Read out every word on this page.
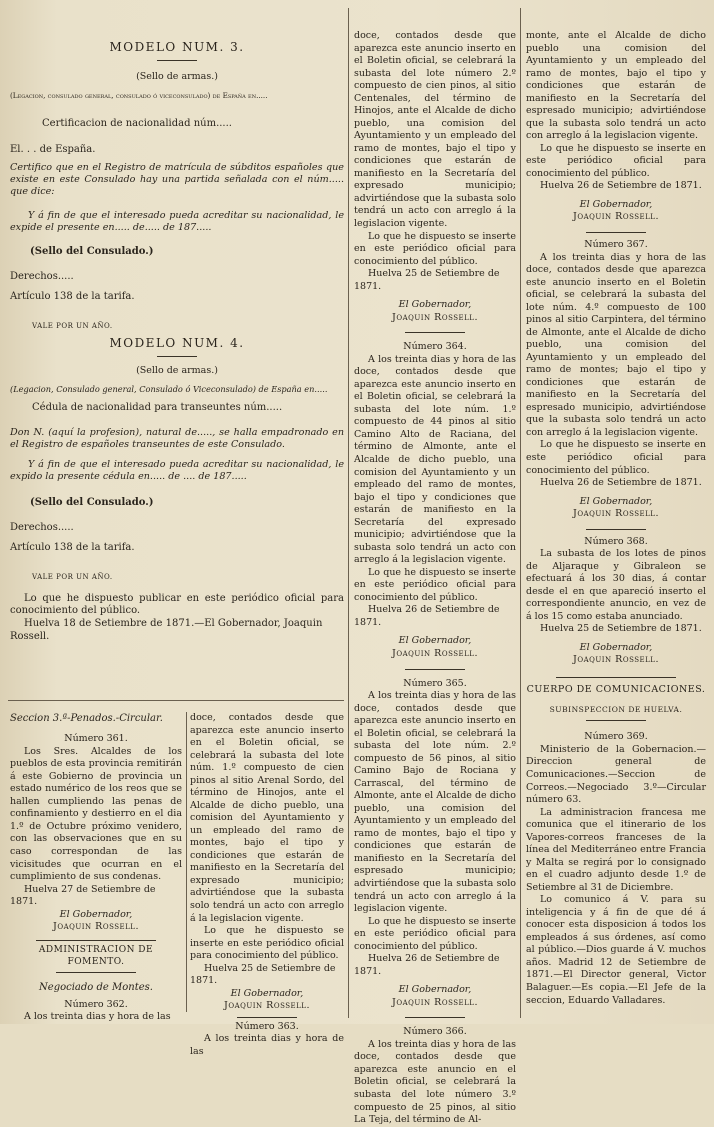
MODELO NUM. 3.

(Sello de armas.)

(Legacion, consulado general, consulado ó viceconsulado) de España en.....

Certificacion de nacionalidad núm.....

El. . . de España.

Certifico que en el Registro de matrícula de súbditos españoles que existe en este Consulado hay una partida señalada con el núm..... que dice:

Y á fin de que el interesado pueda acreditar su nacionalidad, le expide el presente en..... de..... de 187.....

(Sello del Consulado.)

Derechos.....

Artículo 138 de la tarifa.

VALE POR UN AÑO.

MODELO NUM. 4.

(Sello de armas.)

(Legacion, Consulado general, Consulado ó Viceconsulado) de España en.....

Cédula de nacionalidad para transeuntes núm.....

Don N. (aquí la profesion), natural de....., se halla empadronado en el Registro de españoles transeuntes de este Consulado.

Y á fin de que el interesado pueda acreditar su nacionalidad, le expido la presente cédula en..... de .... de 187.....

(Sello del Consulado.)

Derechos.....

Artículo 138 de la tarifa.

VALE POR UN AÑO.

Lo que he dispuesto publicar en este periódico oficial para conocimiento del público.

Huelva 18 de Setiembre de 1871.—El Gobernador, Joaquin Rossell.

Seccion 3.ª-Penados.-Circular.

Número 361.

Los Sres. Alcaldes de los pueblos de esta provincia remitirán á este Gobierno de provincia un estado numérico de los reos que se hallen cumpliendo las penas de confinamiento y destierro en el dia 1.º de Octubre próximo venidero, con las observaciones que en su caso correspondan de las vicisitudes que ocurran en el cumplimiento de sus condenas.

Huelva 27 de Setiembre de 1871.

El Gobernador,

Joaquin Rossell.

ADMINISTRACION DE FOMENTO.

Negociado de Montes.

Número 362.

A los treinta dias y hora de las

doce, contados desde que aparezca este anuncio inserto en el Boletin oficial, se celebrará la subasta del lote núm. 1.º compuesto de cien pinos al sitio Arenal Sordo, del término de Hinojos, ante el Alcalde de dicho pueblo, una comision del Ayuntamiento y un empleado del ramo de montes, bajo el tipo y condiciones que estarán de manifiesto en la Secretaría del expresado municipio; advirtiéndose que la subasta solo tendrá un acto con arreglo á la legislacion vigente.

Lo que he dispuesto se inserte en este periódico oficial para conocimiento del público.

Huelva 25 de Setiembre de 1871.

El Gobernador,

Joaquin Rossell.

Número 363.

A los treinta dias y hora de las

doce, contados desde que aparezca este anuncio inserto en el Boletin oficial, se celebrará la subasta del lote número 2.º compuesto de cien pinos, al sitio Centenales, del término de Hinojos, ante el Alcalde de dicho pueblo, una comision del Ayuntamiento y un empleado del ramo de montes, bajo el tipo y condiciones que estarán de manifiesto en la Secretaría del expresado municipio; advirtiéndose que la subasta solo tendrá un acto con arreglo á la legislacion vigente.

Lo que he dispuesto se inserte en este periódico oficial para conocimiento del público.

Huelva 25 de Setiembre de 1871.

El Gobernador,

Joaquin Rossell.

Número 364.

A los treinta dias y hora de las doce, contados desde que aparezca este anuncio inserto en el Boletin oficial, se celebrará la subasta del lote núm. 1.º compuesto de 44 pinos al sitio Camino Alto de Raciana, del término de Almonte, ante el Alcalde de dicho pueblo, una comision del Ayuntamiento y un empleado del ramo de montes, bajo el tipo y condiciones que estarán de manifiesto en la Secretaría del expresado municipio; advirtiéndose que la subasta solo tendrá un acto con arreglo á la legislacion vigente.

Lo que he dispuesto se inserte en este periódico oficial para conocimiento del público.

Huelva 26 de Setiembre de 1871.

El Gobernador,

Joaquin Rossell.

Número 365.

A los treinta dias y hora de las doce, contados desde que aparezca este anuncio inserto en el Boletin oficial, se celebrará la subasta del lote núm. 2.º compuesto de 56 pinos, al sitio Camino Bajo de Rociana y Carrascal, del término de Almonte, ante el Alcalde de dicho pueblo, una comision del Ayuntamiento y un empleado del ramo de montes, bajo el tipo y condiciones que estarán de manifiesto en la Secretaría del espresado municipio; advirtiéndose que la subasta solo tendrá un acto con arreglo á la legislacion vigente.

Lo que he dispuesto se inserte en este periódico oficial para conocimiento del público.

Huelva 26 de Setiembre de 1871.

El Gobernador,

Joaquin Rossell.

Número 366.

A los treinta dias y hora de las doce, contados desde que aparezca este anuncio en el Boletin oficial, se celebrará la subasta del lote número 3.º compuesto de 25 pinos, al sitio La Teja, del término de Al-

monte, ante el Alcalde de dicho pueblo una comision del Ayuntamiento y un empleado del ramo de montes, bajo el tipo y condiciones que estarán de manifiesto en la Secretaría del espresado municipio; advirtiéndose que la subasta solo tendrá un acto con arreglo á la legislacion vigente.

Lo que he dispuesto se inserte en este periódico oficial para conocimiento del público.

Huelva 26 de Setiembre de 1871.

El Gobernador,

Joaquin Rossell.

Número 367.

A los treinta dias y hora de las doce, contados desde que aparezca este anuncio inserto en el Boletin oficial, se celebrará la subasta del lote núm. 4.º compuesto de 100 pinos al sitio Carpintera, del término de Almonte, ante el Alcalde de dicho pueblo, una comision del Ayuntamiento y un empleado del ramo de montes; bajo el tipo y condiciones que estarán de manifiesto en la Secretaría del espresado municipio, advirtiéndose que la subasta solo tendrá un acto con arreglo á la legislacion vigente.

Lo que he dispuesto se inserte en este periódico oficial para conocimiento del público.

Huelva 26 de Setiembre de 1871.

El Gobernador,

Joaquin Rossell.

Número 368.

La subasta de los lotes de pinos de Aljaraque y Gibraleon se efectuará á los 30 dias, á contar desde el en que apareció inserto el correspondiente anuncio, en vez de á los 15 como estaba anunciado.

Huelva 25 de Setiembre de 1871.

El Gobernador,

Joaquin Rossell.

CUERPO DE COMUNICACIONES.

SUBINSPECCION DE HUELVA.

Número 369.

Ministerio de la Gobernacion.—Direccion general de Comunicaciones.—Seccion de Correos.—Negociado 3.º—Circular número 63.

La administracion francesa me comunica que el itinerario de los Vapores-correos franceses de la línea del Mediterráneo entre Francia y Malta se regirá por lo consignado en el cuadro adjunto desde 1.º de Setiembre al 31 de Diciembre.

Lo comunico á V. para su inteligencia y á fin de que dé á conocer esta disposicion á todos los empleados á sus órdenes, así como al público.—Dios guarde á V. muchos años. Madrid 12 de Setiembre de 1871.—El Director general, Victor Balaguer.—Es copia.—El Jefe de la seccion, Eduardo Valladares.
